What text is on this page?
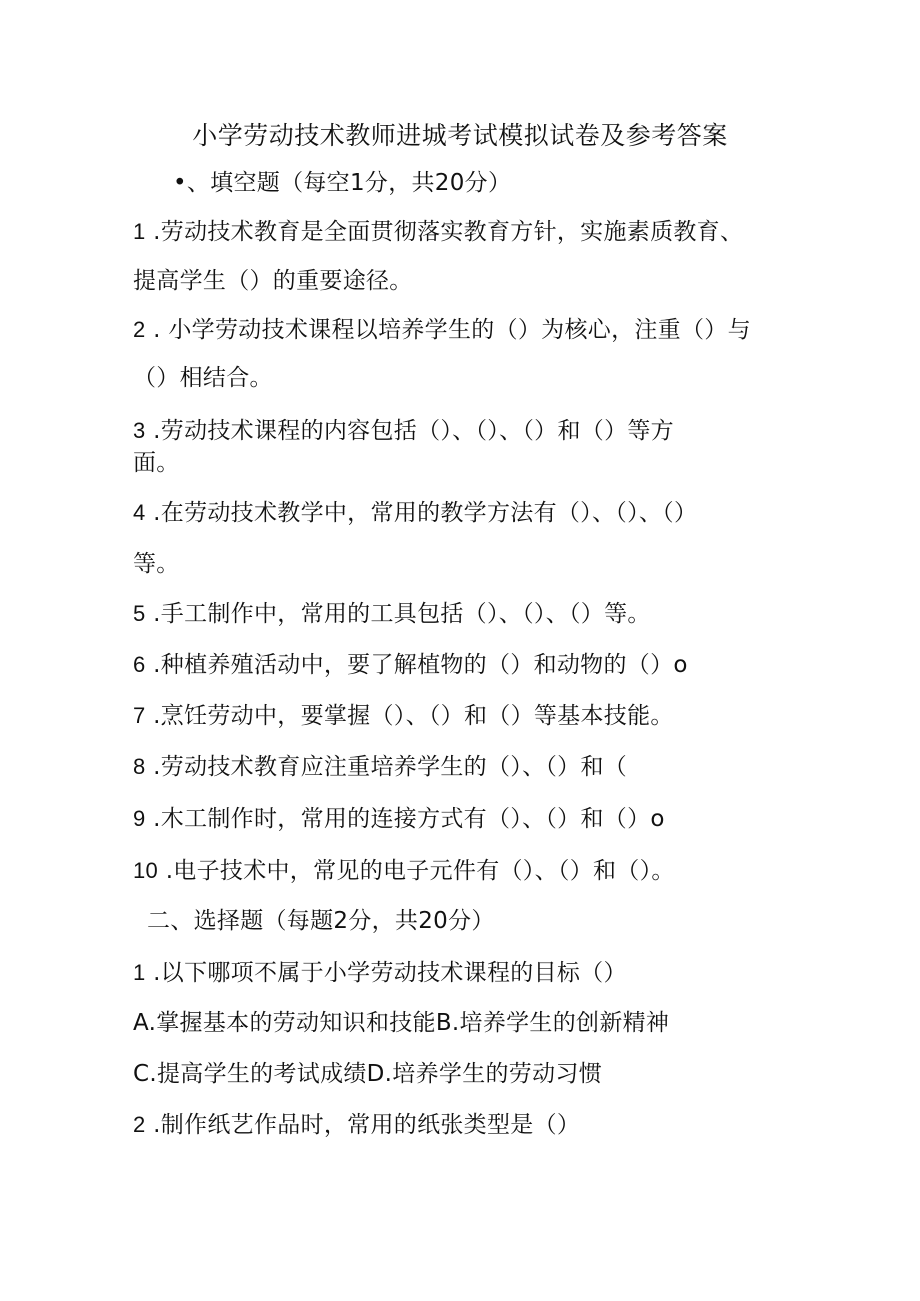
小学劳动技术教师进城考试模拟试卷及参考答案
•、填空题（每空1分，共20分）
1 .劳动技术教育是全面贯彻落实教育方针，实施素质教育、
提高学生（）的重要途径。
2 . 小学劳动技术课程以培养学生的（）为核心，注重（）与
（）相结合。
3 .劳动技术课程的内容包括（）、（）、（）和（）等方
面。
4 .在劳动技术教学中，常用的教学方法有（）、（）、（）
等。
5 .手工制作中，常用的工具包括（）、（）、（）等。
6 .种植养殖活动中，要了解植物的（）和动物的（）o
7 .烹饪劳动中，要掌握（）、（）和（）等基本技能。
8 .劳动技术教育应注重培养学生的（）、（）和（
9 .木工制作时，常用的连接方式有（）、（）和（）o
10 .电子技术中，常见的电子元件有（）、（）和（）。
二、选择题（每题2分，共20分）
1 .以下哪项不属于小学劳动技术课程的目标（）
A.掌握基本的劳动知识和技能B.培养学生的创新精神
C.提高学生的考试成绩D.培养学生的劳动习惯
2 .制作纸艺作品时，常用的纸张类型是（）
